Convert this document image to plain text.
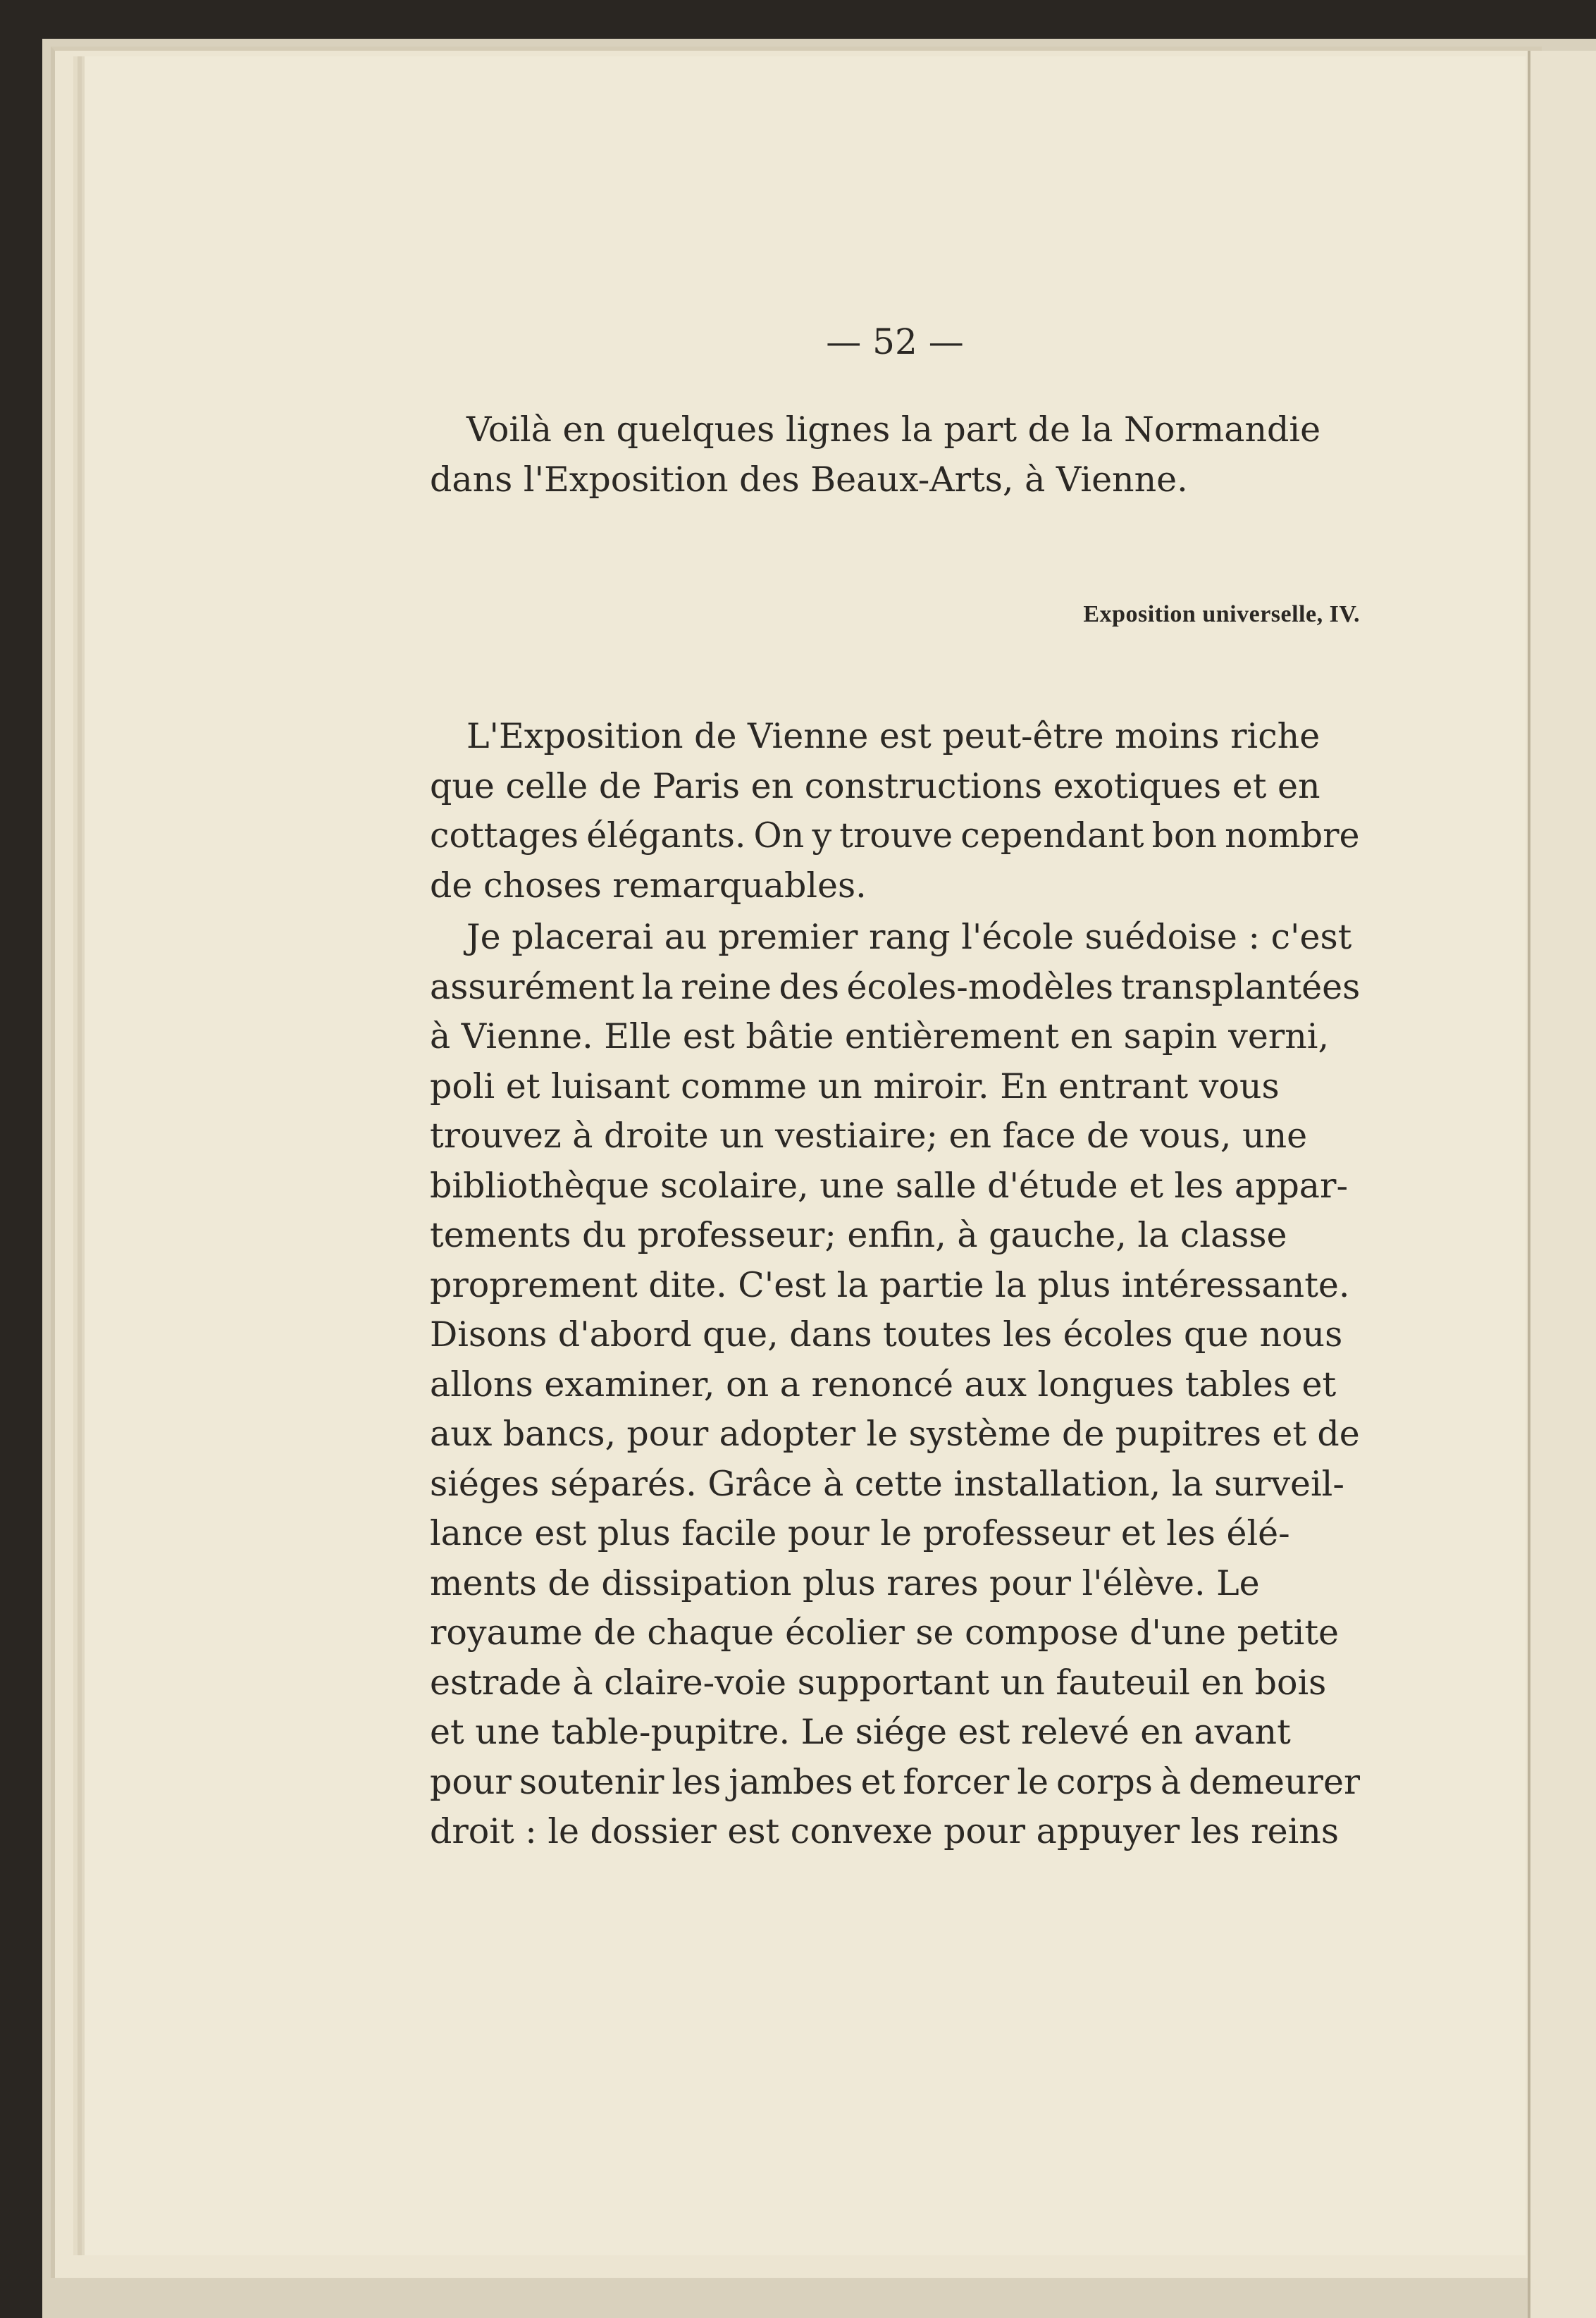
— 52 —
Voilà en quelques lignes la part de la Normandie
dans l'Exposition des Beaux-Arts, à Vienne.
Exposition universelle, IV.
L'Exposition de Vienne est peut-être moins riche
que celle de Paris en constructions exotiques et en
cottages élégants. On y trouve cependant bon nombre
de choses remarquables.
Je placerai au premier rang l'école suédoise : c'est
assurément la reine des écoles-modèles transplantées
à Vienne. Elle est bâtie entièrement en sapin verni,
poli et luisant comme un miroir. En entrant vous
trouvez à droite un vestiaire; en face de vous, une
bibliothèque scolaire, une salle d'étude et les appar-
tements du professeur; enfin, à gauche, la classe
proprement dite. C'est la partie la plus intéressante.
Disons d'abord que, dans toutes les écoles que nous
allons examiner, on a renoncé aux longues tables et
aux bancs, pour adopter le système de pupitres et de
siéges séparés. Grâce à cette installation, la surveil-
lance est plus facile pour le professeur et les élé-
ments de dissipation plus rares pour l'élève. Le
royaume de chaque écolier se compose d'une petite
estrade à claire-voie supportant un fauteuil en bois
et une table-pupitre. Le siége est relevé en avant
pour soutenir les jambes et forcer le corps à demeurer
droit : le dossier est convexe pour appuyer les reins
